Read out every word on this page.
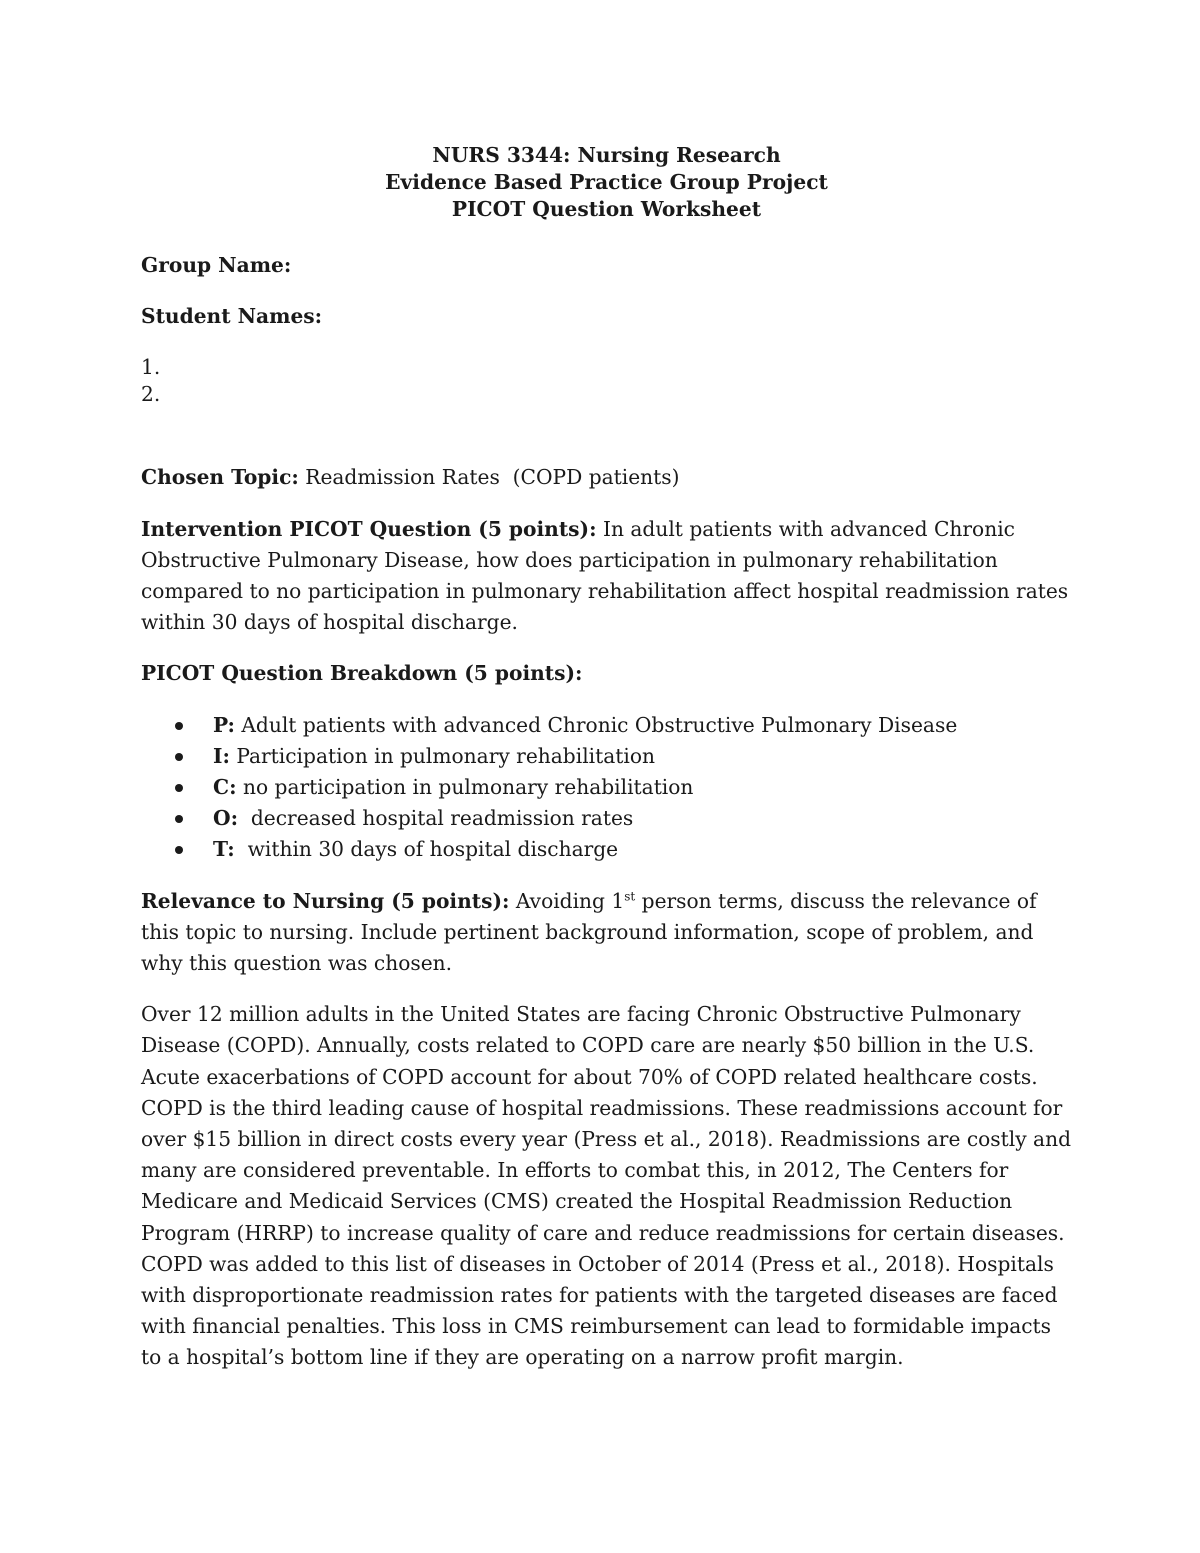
NURS 3344: Nursing Research
Evidence Based Practice Group Project
PICOT Question Worksheet

Group Name:

Student Names:

1.
2.

Chosen Topic: Readmission Rates  (COPD patients)

Intervention PICOT Question (5 points): In adult patients with advanced Chronic Obstructive Pulmonary Disease, how does participation in pulmonary rehabilitation compared to no participation in pulmonary rehabilitation affect hospital readmission rates within 30 days of hospital discharge.

PICOT Question Breakdown (5 points):

P: Adult patients with advanced Chronic Obstructive Pulmonary Disease
I: Participation in pulmonary rehabilitation
C: no participation in pulmonary rehabilitation
O:  decreased hospital readmission rates
T:  within 30 days of hospital discharge

Relevance to Nursing (5 points): Avoiding 1st person terms, discuss the relevance of this topic to nursing. Include pertinent background information, scope of problem, and why this question was chosen.

Over 12 million adults in the United States are facing Chronic Obstructive Pulmonary Disease (COPD). Annually, costs related to COPD care are nearly $50 billion in the U.S. Acute exacerbations of COPD account for about 70% of COPD related healthcare costs. COPD is the third leading cause of hospital readmissions. These readmissions account for over $15 billion in direct costs every year (Press et al., 2018). Readmissions are costly and many are considered preventable. In efforts to combat this, in 2012, The Centers for Medicare and Medicaid Services (CMS) created the Hospital Readmission Reduction Program (HRRP) to increase quality of care and reduce readmissions for certain diseases. COPD was added to this list of diseases in October of 2014 (Press et al., 2018). Hospitals with disproportionate readmission rates for patients with the targeted diseases are faced with financial penalties. This loss in CMS reimbursement can lead to formidable impacts to a hospital’s bottom line if they are operating on a narrow profit margin.
